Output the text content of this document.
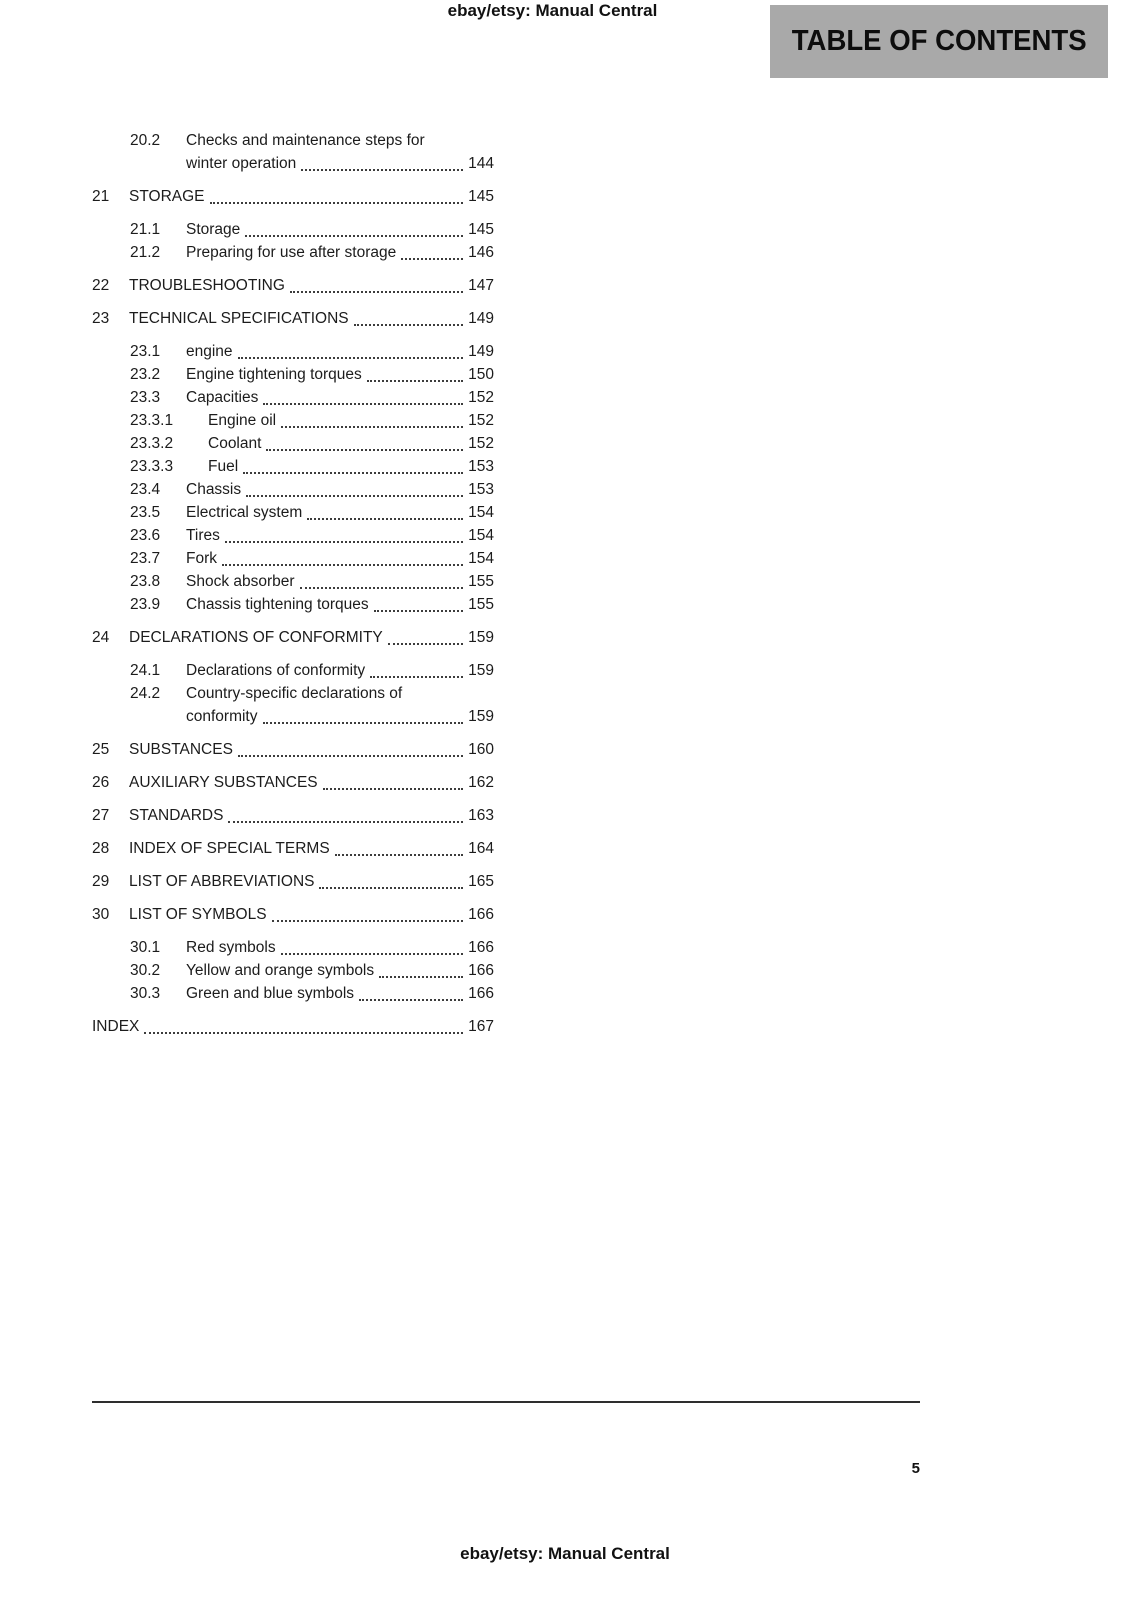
ebay/etsy: Manual Central
TABLE OF CONTENTS
20.2	Checks and maintenance steps for
winter operation	144
21	STORAGE	145
21.1	Storage	145
21.2	Preparing for use after storage	146
22	TROUBLESHOOTING	147
23	TECHNICAL SPECIFICATIONS	149
23.1	engine	149
23.2	Engine tightening torques	150
23.3	Capacities	152
23.3.1	Engine oil	152
23.3.2	Coolant	152
23.3.3	Fuel	153
23.4	Chassis	153
23.5	Electrical system	154
23.6	Tires	154
23.7	Fork	154
23.8	Shock absorber	155
23.9	Chassis tightening torques	155
24	DECLARATIONS OF CONFORMITY	159
24.1	Declarations of conformity	159
24.2	Country-specific declarations of
conformity	159
25	SUBSTANCES	160
26	AUXILIARY SUBSTANCES	162
27	STANDARDS	163
28	INDEX OF SPECIAL TERMS	164
29	LIST OF ABBREVIATIONS	165
30	LIST OF SYMBOLS	166
30.1	Red symbols	166
30.2	Yellow and orange symbols	166
30.3	Green and blue symbols	166
INDEX	167
5
ebay/etsy: Manual Central
